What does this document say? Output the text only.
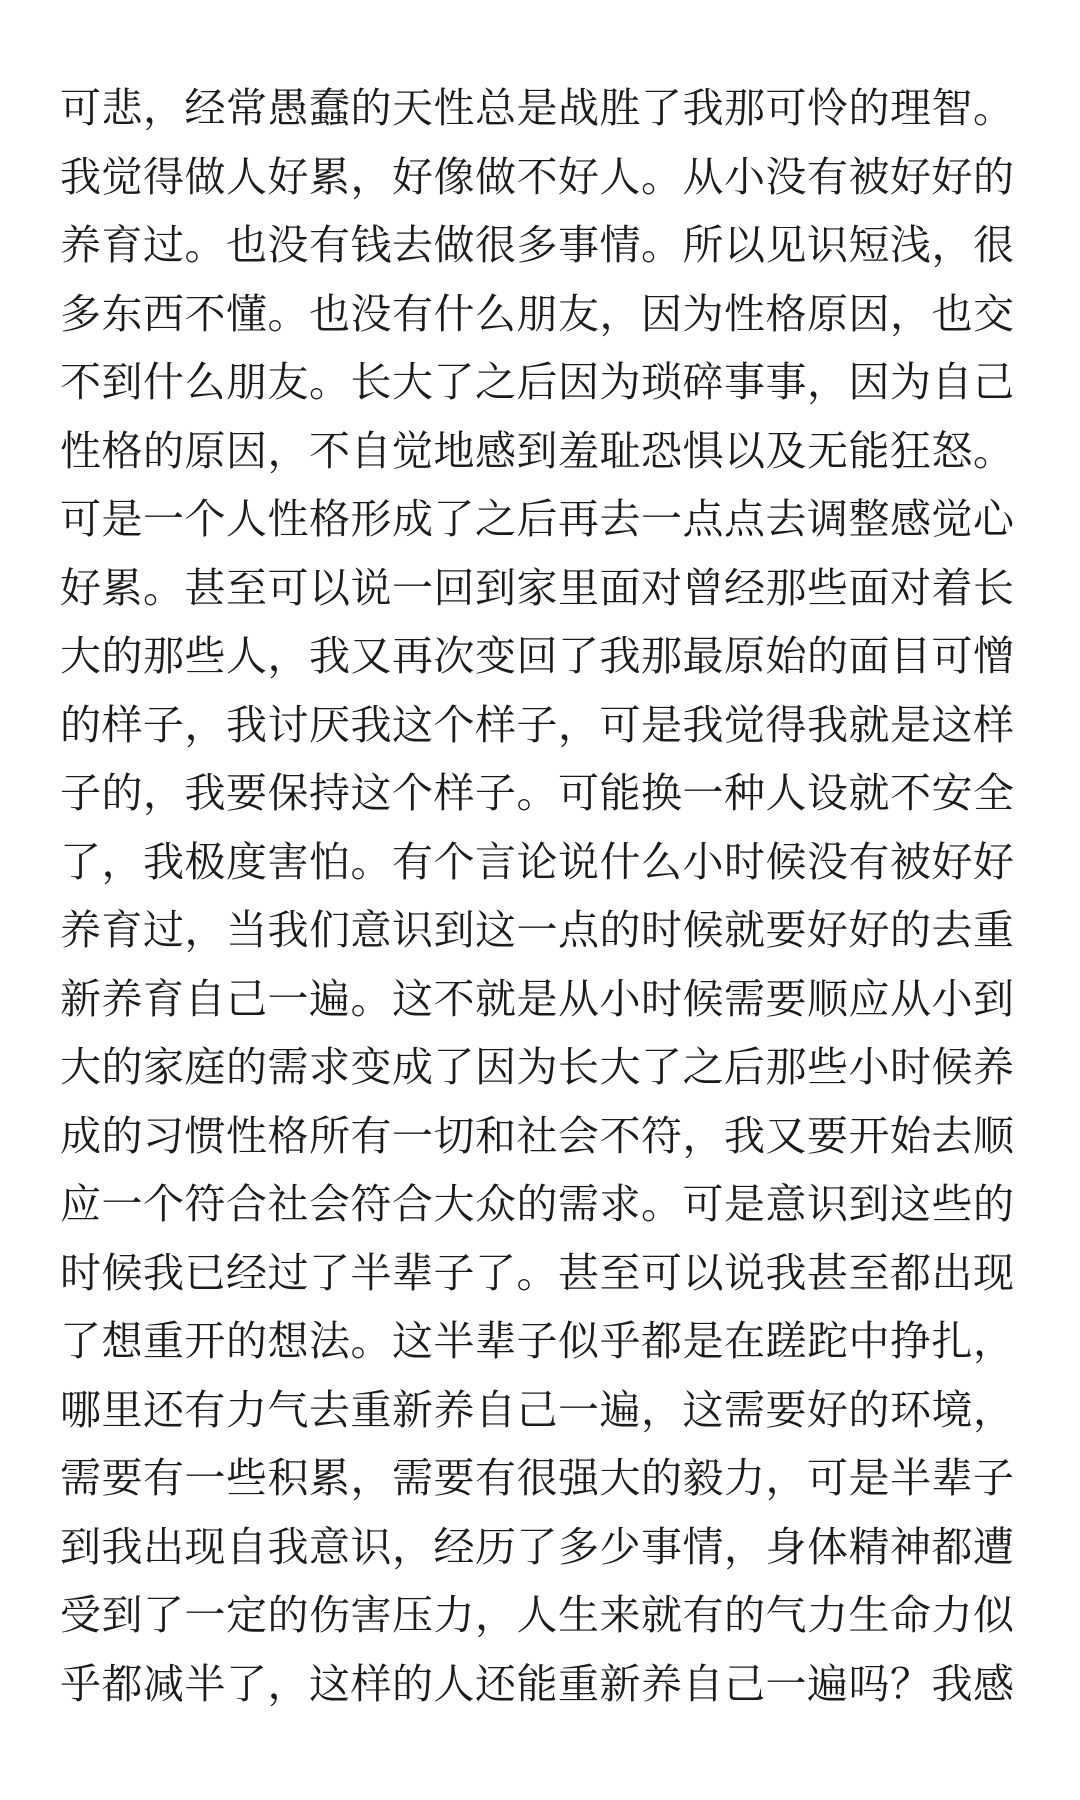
可悲，经常愚蠢的天性总是战胜了我那可怜的理智。
我觉得做人好累，好像做不好人。从小没有被好好的
养育过。也没有钱去做很多事情。所以见识短浅，很
多东西不懂。也没有什么朋友，因为性格原因，也交
不到什么朋友。长大了之后因为琐碎事事，因为自己
性格的原因，不自觉地感到羞耻恐惧以及无能狂怒。
可是一个人性格形成了之后再去一点点去调整感觉心
好累。甚至可以说一回到家里面对曾经那些面对着长
大的那些人，我又再次变回了我那最原始的面目可憎
的样子，我讨厌我这个样子，可是我觉得我就是这样
子的，我要保持这个样子。可能换一种人设就不安全
了，我极度害怕。有个言论说什么小时候没有被好好
养育过，当我们意识到这一点的时候就要好好的去重
新养育自己一遍。这不就是从小时候需要顺应从小到
大的家庭的需求变成了因为长大了之后那些小时候养
成的习惯性格所有一切和社会不符，我又要开始去顺
应一个符合社会符合大众的需求。可是意识到这些的
时候我已经过了半辈子了。甚至可以说我甚至都出现
了想重开的想法。这半辈子似乎都是在蹉跎中挣扎，
哪里还有力气去重新养自己一遍，这需要好的环境，
需要有一些积累，需要有很强大的毅力，可是半辈子
到我出现自我意识，经历了多少事情，身体精神都遭
受到了一定的伤害压力，人生来就有的气力生命力似
乎都减半了，这样的人还能重新养自己一遍吗？我感
